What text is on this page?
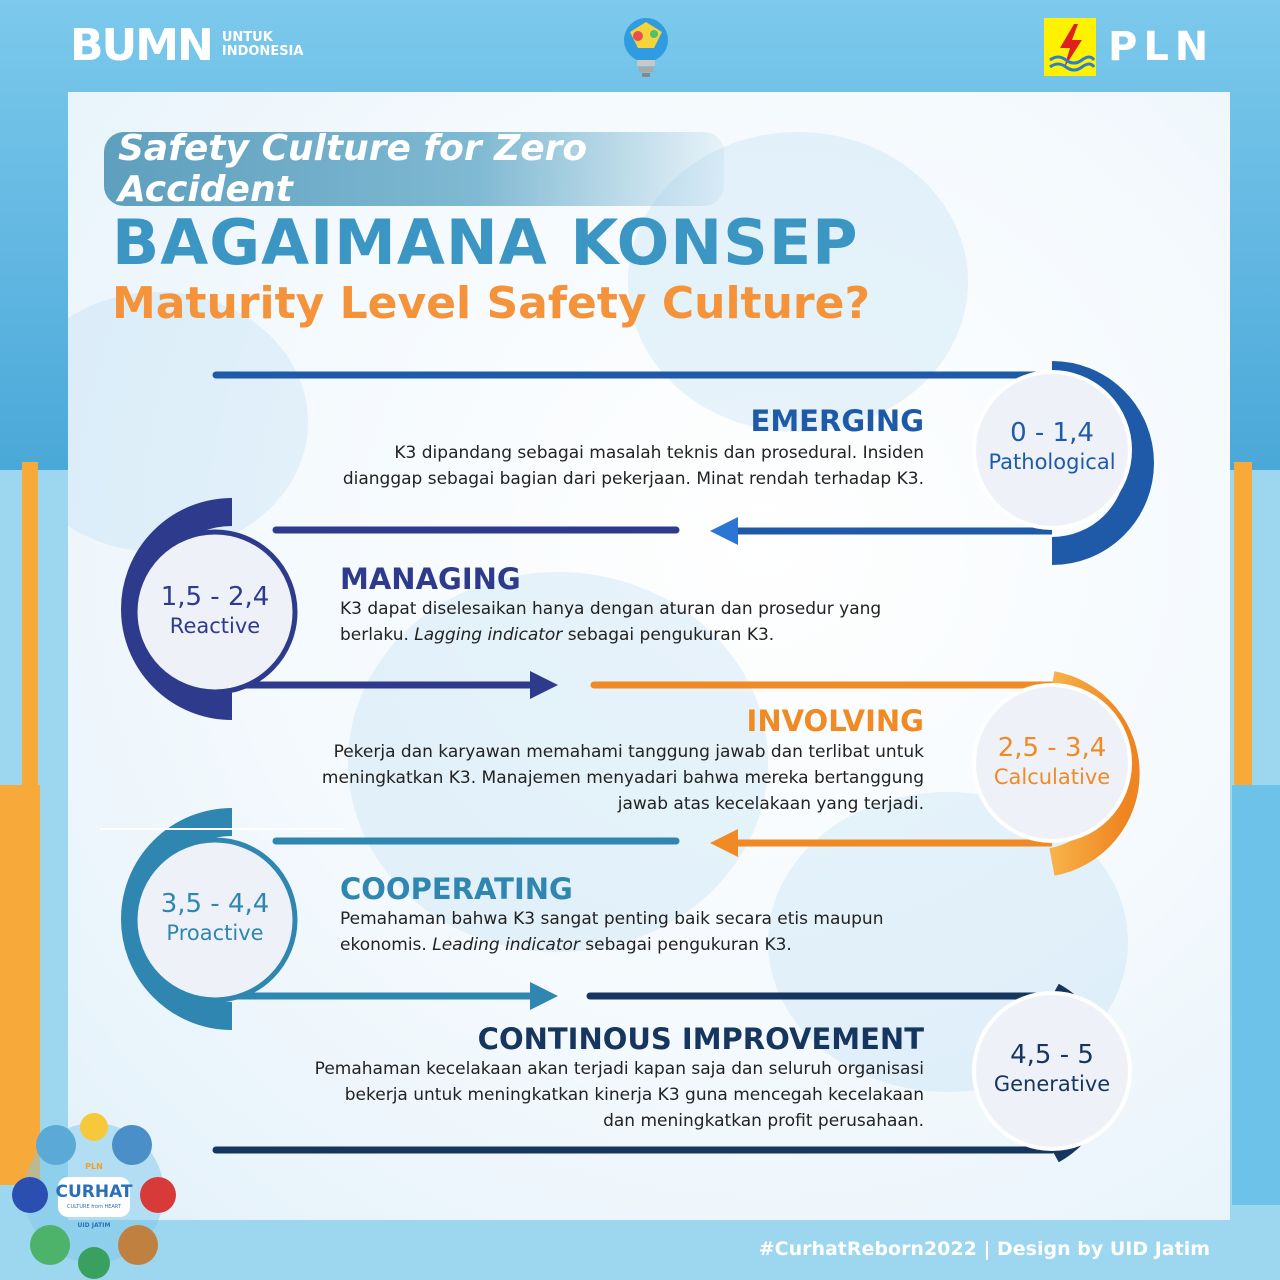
BUMN UNTUK
INDONESIA	PLN
Safety Culture for Zero Accident
BAGAIMANA KONSEP
Maturity Level Safety Culture?
0 - 1,4
Pathological
1,5 - 2,4
Reactive
2,5 - 3,4
Calculative
3,5 - 4,4
Proactive
4,5 - 5
Generative
EMERGING
K3 dipandang sebagai masalah teknis dan prosedural. Insiden
dianggap sebagai bagian dari pekerjaan. Minat rendah terhadap K3.
MANAGING
K3 dapat diselesaikan hanya dengan aturan dan prosedur yang
berlaku. Lagging indicator sebagai pengukuran K3.
INVOLVING
Pekerja dan karyawan memahami tanggung jawab dan terlibat untuk
meningkatkan K3. Manajemen menyadari bahwa mereka bertanggung
jawab atas kecelakaan yang terjadi.
COOPERATING
Pemahaman bahwa K3 sangat penting baik secara etis maupun
ekonomis. Leading indicator sebagai pengukuran K3.
CONTINOUS IMPROVEMENT
Pemahaman kecelakaan akan terjadi kapan saja dan seluruh organisasi
bekerja untuk meningkatkan kinerja K3 guna mencegah kecelakaan
dan meningkatkan profit perusahaan.
PLN
CURHAT
CULTURE from HEART
UID JATIM
#CurhatReborn2022 | Design by UID Jatim
